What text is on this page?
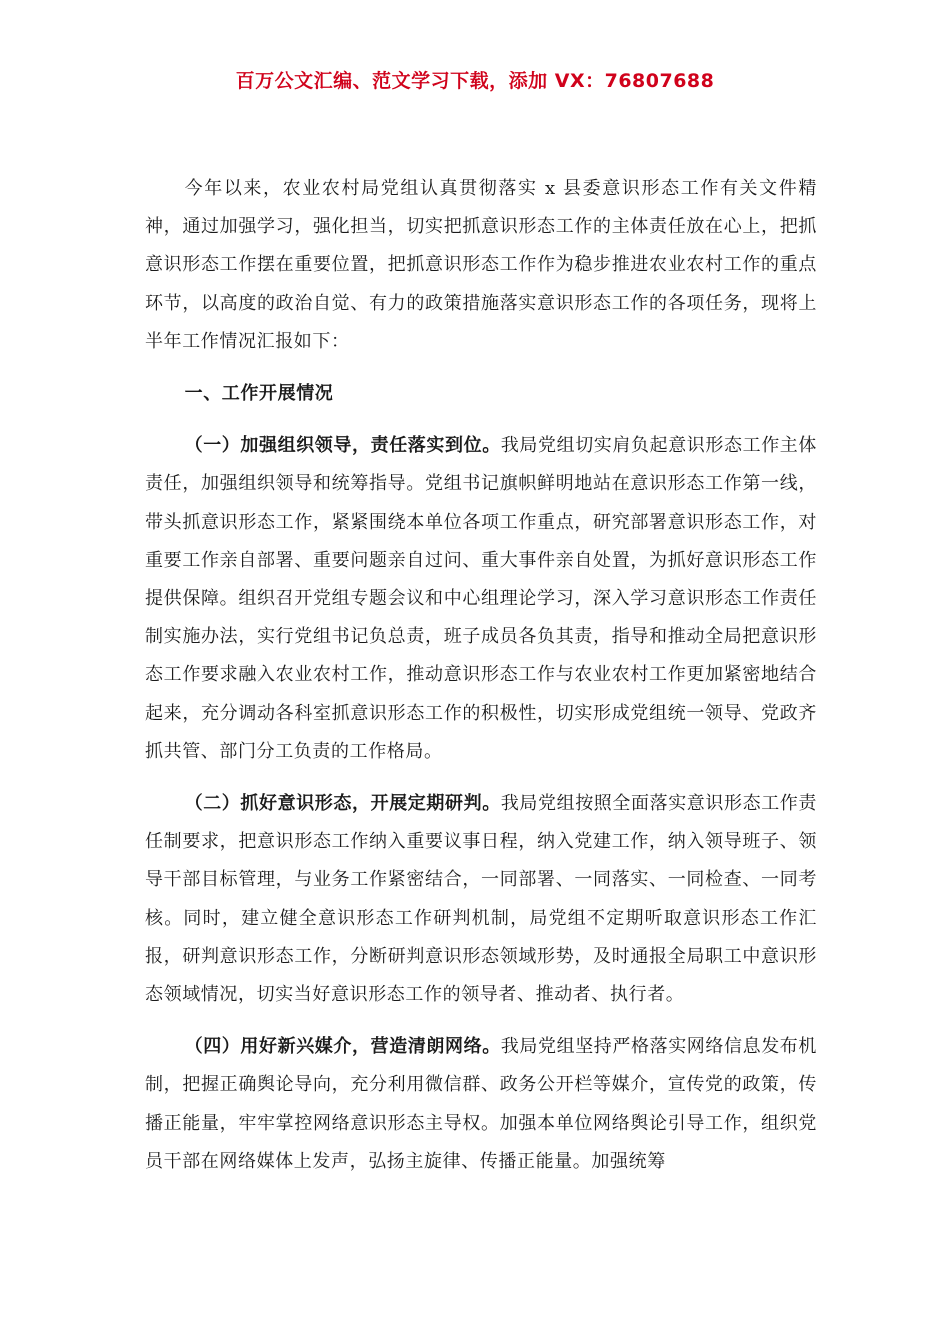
百万公文汇编、范文学习下载，添加 VX：76807688

今年以来，农业农村局党组认真贯彻落实 x 县委意识形态工作有关文件精神，通过加强学习，强化担当，切实把抓意识形态工作的主体责任放在心上，把抓意识形态工作摆在重要位置，把抓意识形态工作作为稳步推进农业农村工作的重点环节，以高度的政治自觉、有力的政策措施落实意识形态工作的各项任务，现将上半年工作情况汇报如下：

一、工作开展情况

（一）加强组织领导，责任落实到位。我局党组切实肩负起意识形态工作主体责任，加强组织领导和统筹指导。党组书记旗帜鲜明地站在意识形态工作第一线，带头抓意识形态工作，紧紧围绕本单位各项工作重点，研究部署意识形态工作，对重要工作亲自部署、重要问题亲自过问、重大事件亲自处置，为抓好意识形态工作提供保障。组织召开党组专题会议和中心组理论学习，深入学习意识形态工作责任制实施办法，实行党组书记负总责，班子成员各负其责，指导和推动全局把意识形态工作要求融入农业农村工作，推动意识形态工作与农业农村工作更加紧密地结合起来，充分调动各科室抓意识形态工作的积极性，切实形成党组统一领导、党政齐抓共管、部门分工负责的工作格局。

（二）抓好意识形态，开展定期研判。我局党组按照全面落实意识形态工作责任制要求，把意识形态工作纳入重要议事日程，纳入党建工作，纳入领导班子、领导干部目标管理，与业务工作紧密结合，一同部署、一同落实、一同检查、一同考核。同时，建立健全意识形态工作研判机制，局党组不定期听取意识形态工作汇报，研判意识形态工作，分断研判意识形态领域形势，及时通报全局职工中意识形态领域情况，切实当好意识形态工作的领导者、推动者、执行者。

（四）用好新兴媒介，营造清朗网络。我局党组坚持严格落实网络信息发布机制，把握正确舆论导向，充分利用微信群、政务公开栏等媒介，宣传党的政策，传播正能量，牢牢掌控网络意识形态主导权。加强本单位网络舆论引导工作，组织党员干部在网络媒体上发声，弘扬主旋律、传播正能量。加强统筹
